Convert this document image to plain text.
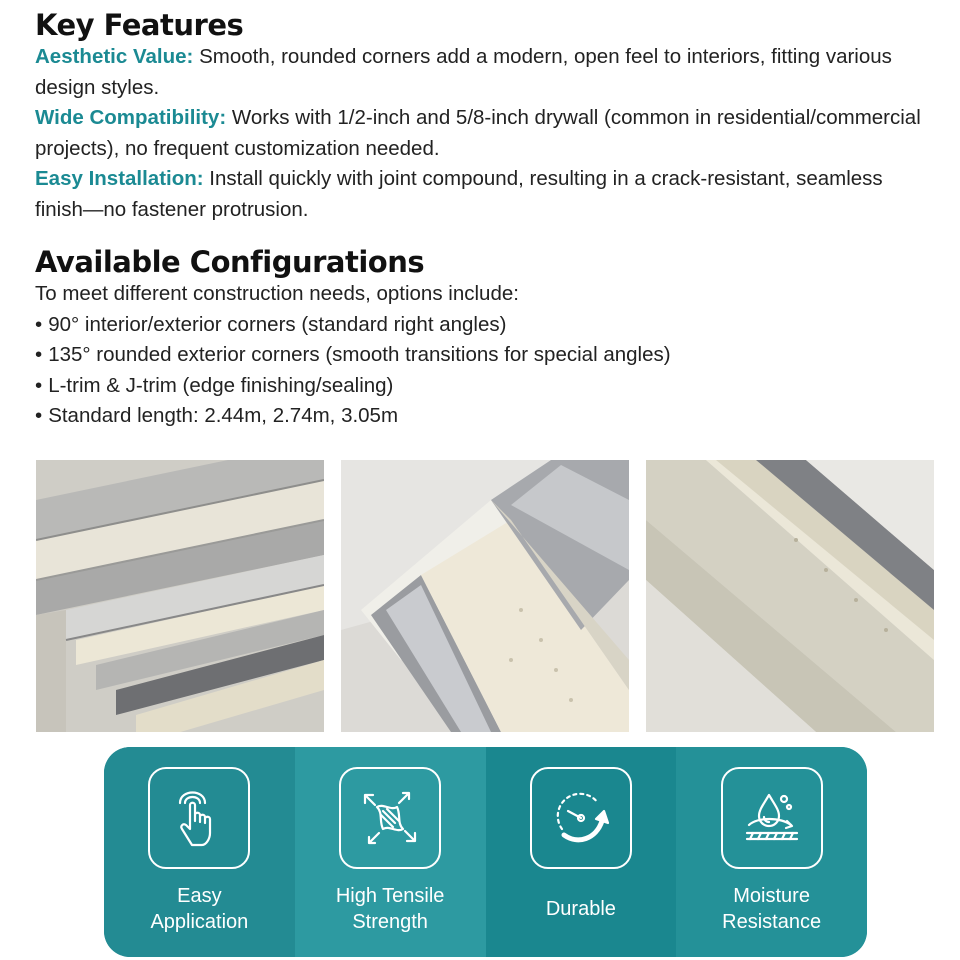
Key Features

Aesthetic Value: Smooth, rounded corners add a modern, open feel to interiors, fitting various design styles.

Wide Compatibility: Works with 1/2-inch and 5/8-inch drywall (common in residential/commercial projects), no frequent customization needed.

Easy Installation: Install quickly with joint compound, resulting in a crack-resistant, seamless finish—no fastener protrusion.

Available Configurations

To meet different construction needs, options include:

• 90° interior/exterior corners (standard right angles)
• 135° rounded exterior corners (smooth transitions for special angles)
• L-trim & J-trim (edge finishing/sealing)
• Standard length: 2.44m, 2.74m, 3.05m
Easy
Application
High Tensile
Strength
Durable
Moisture
Resistance
